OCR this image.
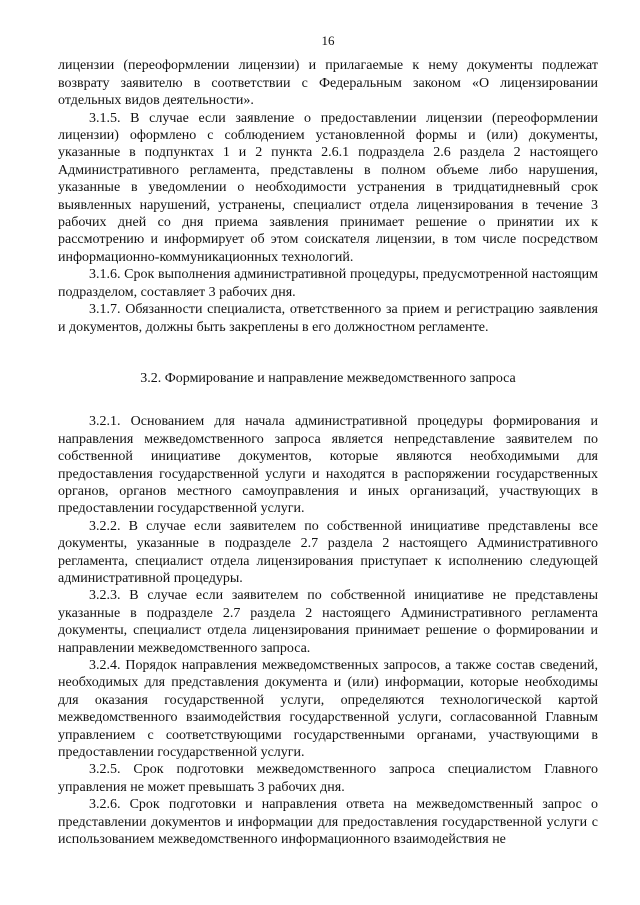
16

лицензии (переоформлении лицензии) и прилагаемые к нему документы подлежат возврату заявителю в соответствии с Федеральным законом «О лицензировании отдельных видов деятельности».

3.1.5. В случае если заявление о предоставлении лицензии (переоформлении лицензии) оформлено с соблюдением установленной формы и (или) документы, указанные в подпунктах 1 и 2 пункта 2.6.1 подраздела 2.6 раздела 2 настоящего Административного регламента, представлены в полном объеме либо нарушения, указанные в уведомлении о необходимости устранения в тридцатидневный срок выявленных нарушений, устранены, специалист отдела лицензирования в течение 3 рабочих дней со дня приема заявления принимает решение о принятии их к рассмотрению и информирует об этом соискателя лицензии, в том числе посредством информационно-коммуникационных технологий.

3.1.6. Срок выполнения административной процедуры, предусмотренной настоящим подразделом, составляет 3 рабочих дня.

3.1.7. Обязанности специалиста, ответственного за прием и регистрацию заявления и документов, должны быть закреплены в его должностном регламенте.

3.2. Формирование и направление межведомственного запроса

3.2.1. Основанием для начала административной процедуры формирования и направления межведомственного запроса является непредставление заявителем по собственной инициативе документов, которые являются необходимыми для предоставления государственной услуги и находятся в распоряжении государственных органов, органов местного самоуправления и иных организаций, участвующих в предоставлении государственной услуги.

3.2.2. В случае если заявителем по собственной инициативе представлены все документы, указанные в подразделе 2.7 раздела 2 настоящего Административного регламента, специалист отдела лицензирования приступает к исполнению следующей административной процедуры.

3.2.3. В случае если заявителем по собственной инициативе не представлены указанные в подразделе 2.7 раздела 2 настоящего Административного регламента документы, специалист отдела лицензирования принимает решение о формировании и направлении межведомственного запроса.

3.2.4. Порядок направления межведомственных запросов, а также состав сведений, необходимых для представления документа и (или) информации, которые необходимы для оказания государственной услуги, определяются технологической картой межведомственного взаимодействия государственной услуги, согласованной Главным управлением с соответствующими государственными органами, участвующими в предоставлении государственной услуги.

3.2.5. Срок подготовки межведомственного запроса специалистом Главного управления не может превышать 3 рабочих дня.

3.2.6. Срок подготовки и направления ответа на межведомственный запрос о представлении документов и информации для предоставления государственной услуги с использованием межведомственного информационного взаимодействия не
